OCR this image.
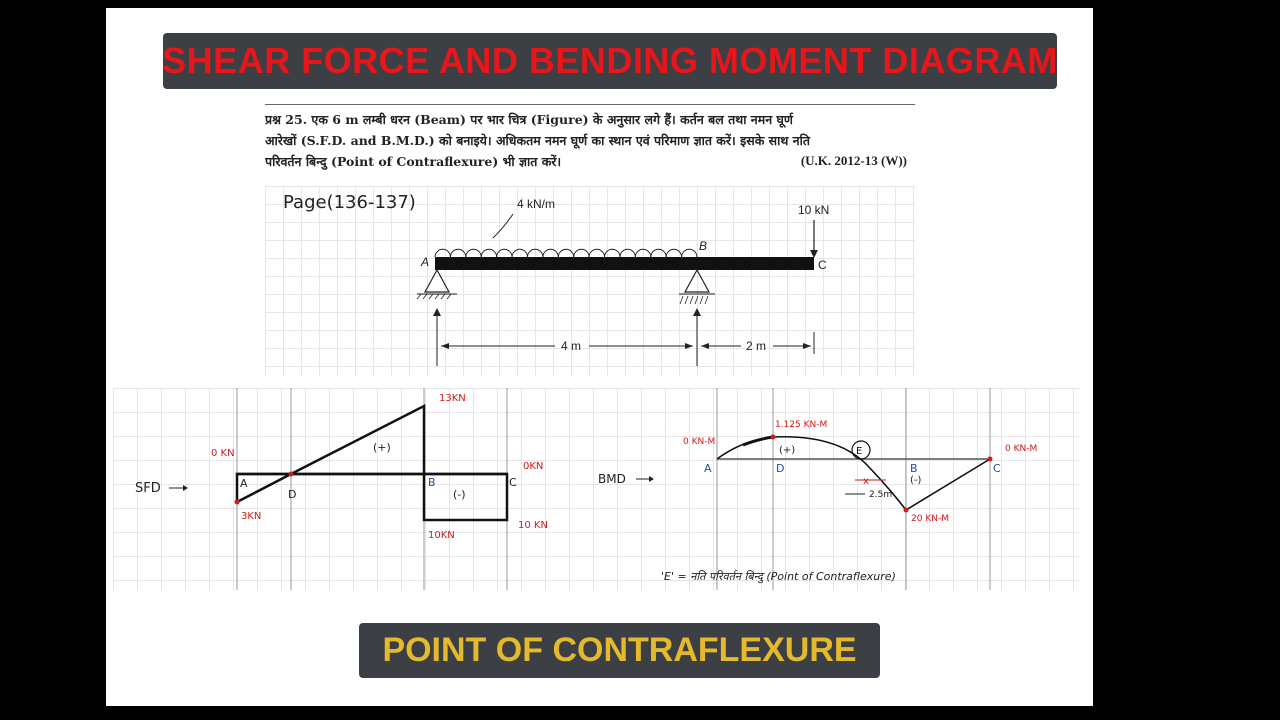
SHEAR FORCE AND BENDING MOMENT DIAGRAM
प्रश्न 25. एक 6 m लम्बी धरन (Beam) पर भार चित्र (Figure) के अनुसार लगे हैं। कर्तन बल तथा नमन घूर्ण
आरेखों (S.F.D. and B.M.D.) को बनाइये। अधिकतम नमन घूर्ण का स्थान एवं परिमाण ज्ञात करें। इसके साथ नति
परिवर्तन बिन्दु (Point of Contraflexure) भी ज्ञात करें।	(U.K. 2012-13 (W))
Page(136-137)	4 kN/m	10 kN
A
B
C
4 m	2 m
SFD
13KN
0 KN
0KN
3KN
10KN
10 KN
A
D
B	C
(+)
(-)
BMD
E
0 KN-M
1.125 KN-M
0 KN-M
20 KN-M
A	D	B	C
(+)
(-)
x
2.5m
'E' = नति परिवर्तन बिन्दु (Point of Contraflexure)
POINT OF CONTRAFLEXURE
